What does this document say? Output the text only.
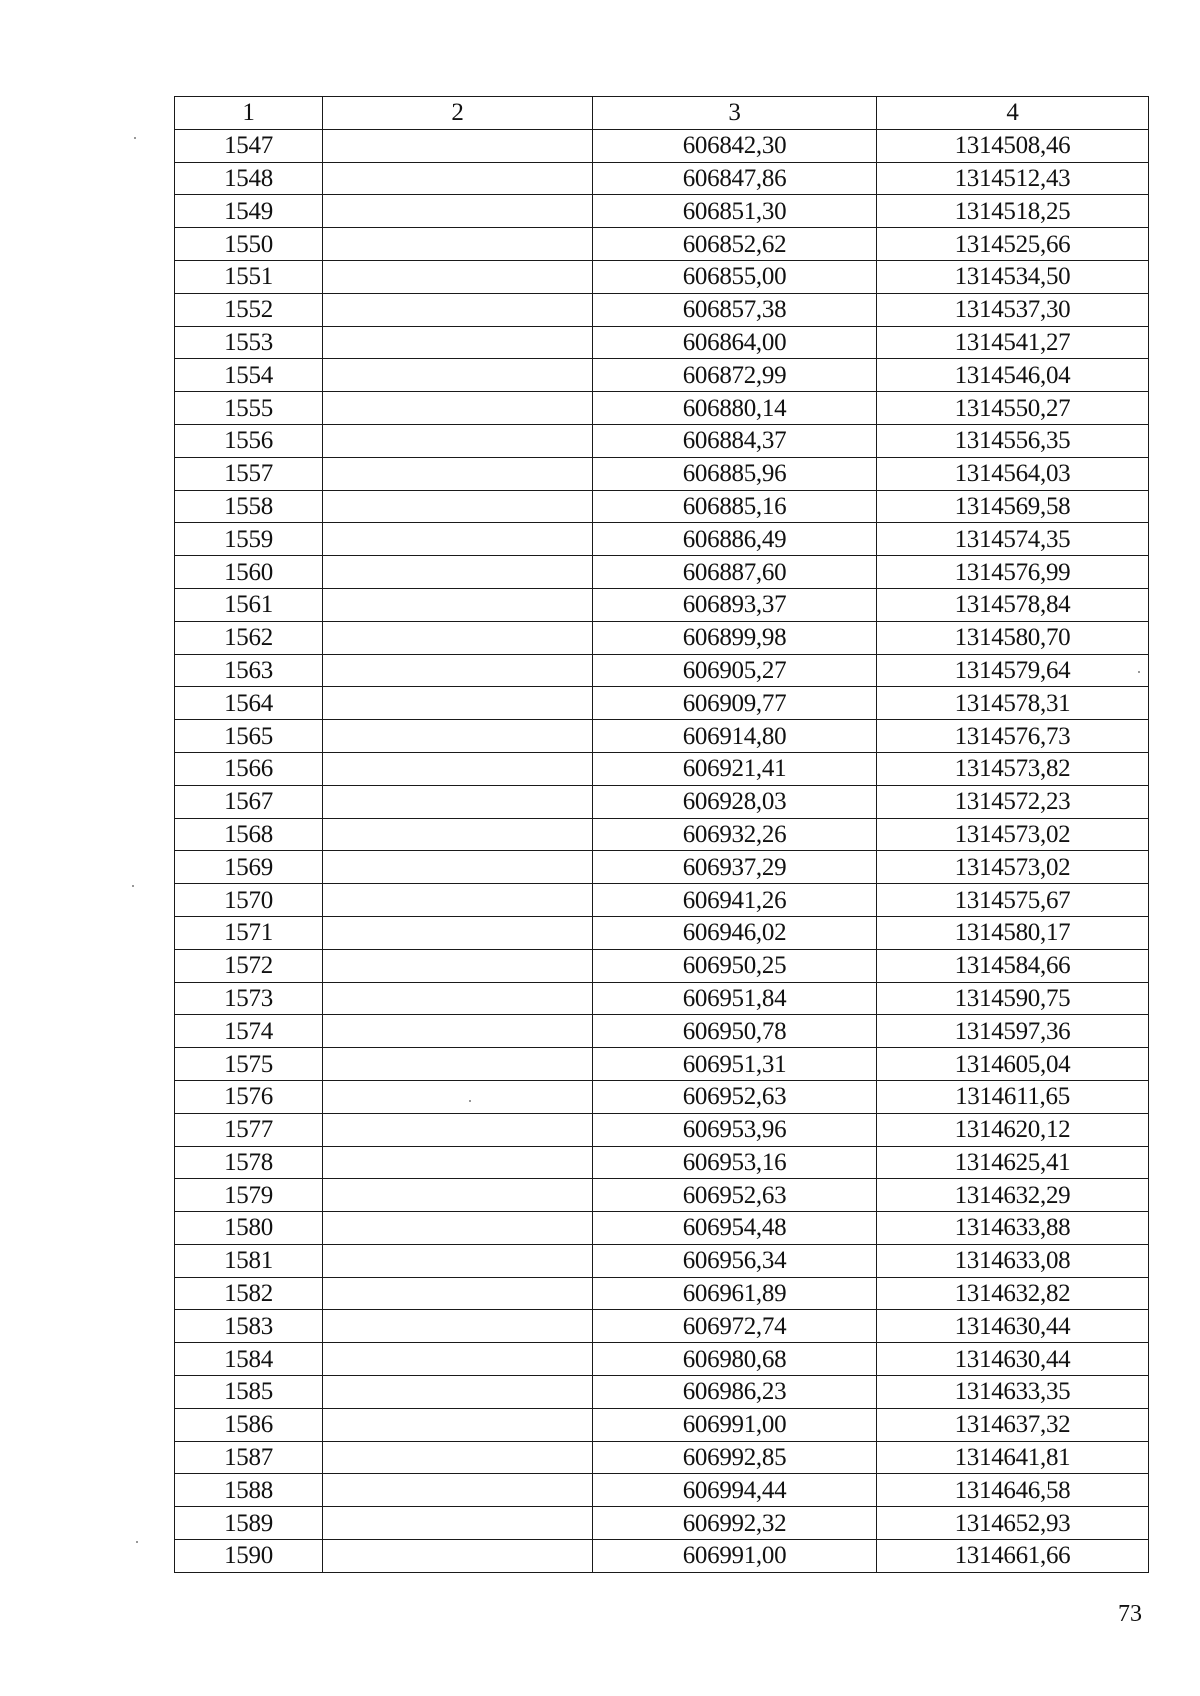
1	2	3	4
1547		606842,30	1314508,46
1548		606847,86	1314512,43
1549		606851,30	1314518,25
1550		606852,62	1314525,66
1551		606855,00	1314534,50
1552		606857,38	1314537,30
1553		606864,00	1314541,27
1554		606872,99	1314546,04
1555		606880,14	1314550,27
1556		606884,37	1314556,35
1557		606885,96	1314564,03
1558		606885,16	1314569,58
1559		606886,49	1314574,35
1560		606887,60	1314576,99
1561		606893,37	1314578,84
1562		606899,98	1314580,70
1563		606905,27	1314579,64
1564		606909,77	1314578,31
1565		606914,80	1314576,73
1566		606921,41	1314573,82
1567		606928,03	1314572,23
1568		606932,26	1314573,02
1569		606937,29	1314573,02
1570		606941,26	1314575,67
1571		606946,02	1314580,17
1572		606950,25	1314584,66
1573		606951,84	1314590,75
1574		606950,78	1314597,36
1575		606951,31	1314605,04
1576		606952,63	1314611,65
1577		606953,96	1314620,12
1578		606953,16	1314625,41
1579		606952,63	1314632,29
1580		606954,48	1314633,88
1581		606956,34	1314633,08
1582		606961,89	1314632,82
1583		606972,74	1314630,44
1584		606980,68	1314630,44
1585		606986,23	1314633,35
1586		606991,00	1314637,32
1587		606992,85	1314641,81
1588		606994,44	1314646,58
1589		606992,32	1314652,93
1590		606991,00	1314661,66
73
